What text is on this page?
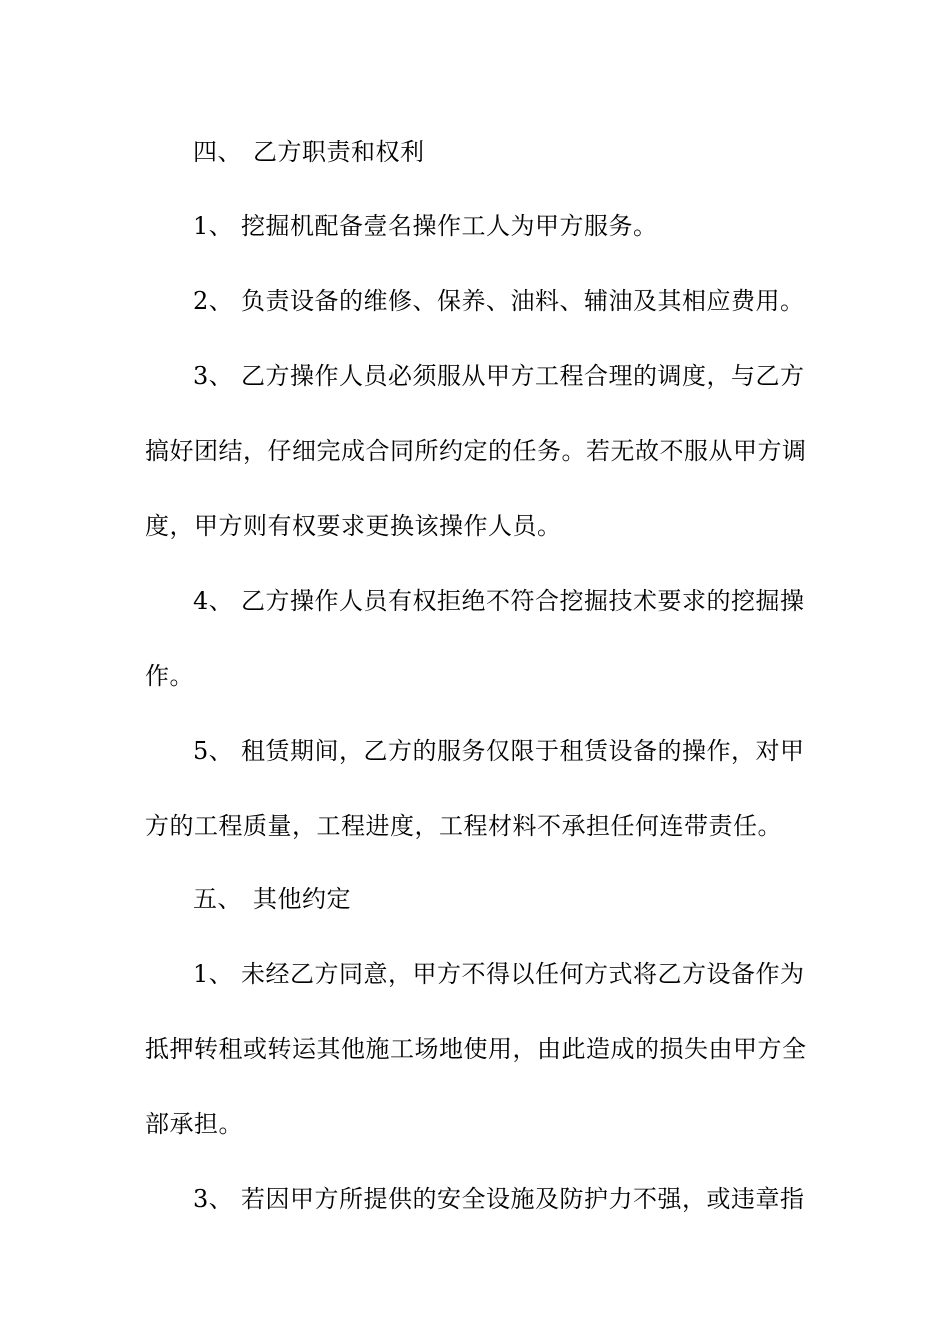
四、 乙方职责和权利
1、 挖掘机配备壹名操作工人为甲方服务。
2、 负责设备的维修、保养、油料、辅油及其相应费用。
3、 乙方操作人员必须服从甲方工程合理的调度，与乙方
搞好团结，仔细完成合同所约定的任务。若无故不服从甲方调
度，甲方则有权要求更换该操作人员。
4、 乙方操作人员有权拒绝不符合挖掘技术要求的挖掘操
作。
5、 租赁期间，乙方的服务仅限于租赁设备的操作，对甲
方的工程质量，工程进度，工程材料不承担任何连带责任。
五、 其他约定
1、 未经乙方同意，甲方不得以任何方式将乙方设备作为
抵押转租或转运其他施工场地使用，由此造成的损失由甲方全
部承担。
3、 若因甲方所提供的安全设施及防护力不强，或违章指
